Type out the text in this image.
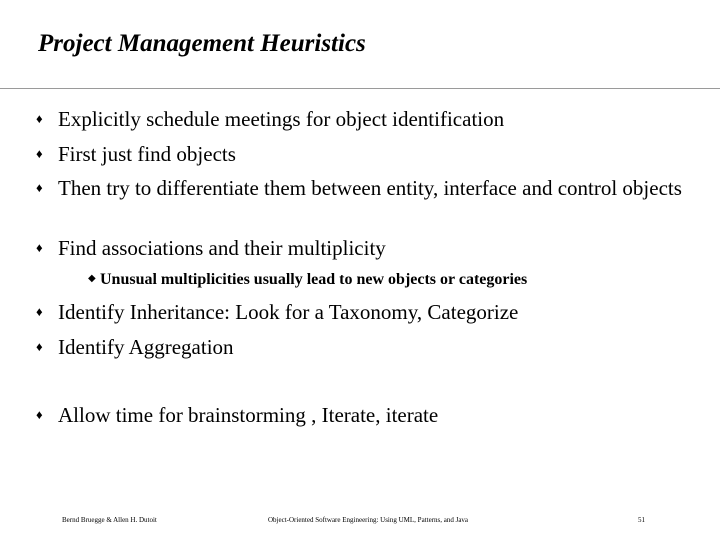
Project Management Heuristics
♦ Explicitly schedule meetings for object identification
♦ First just find objects
♦ Then try to differentiate them between entity, interface and control objects
♦ Find associations and their multiplicity
◆ Unusual multiplicities usually lead to new objects or categories
♦ Identify Inheritance: Look for a Taxonomy, Categorize
♦ Identify Aggregation
♦ Allow time for brainstorming , Iterate, iterate
Bernd Bruegge & Allen H. Dutoit	Object-Oriented Software Engineering: Using UML, Patterns, and Java	51
